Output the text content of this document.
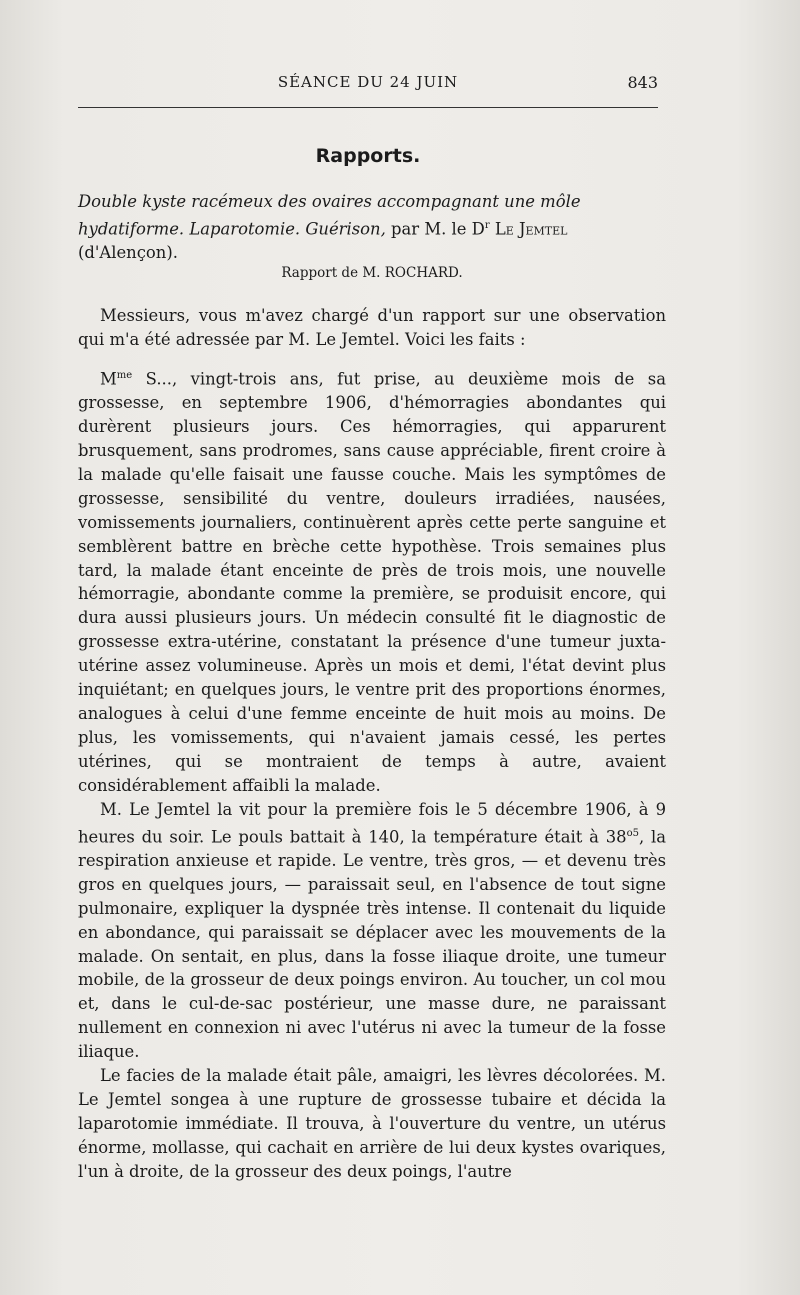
SÉANCE DU 24 JUIN	843
Rapports.
Double kyste racémeux des ovaires accompagnant une môle hydatiforme. Laparotomie. Guérison, par M. le $D^r$ Le Jemtel (d'Alençon).
Rapport de M. ROCHARD.

Messieurs, vous m'avez chargé d'un rapport sur une observation qui m'a été adressée par M. Le Jemtel. Voici les faits :

$M^{me}$ S..., vingt-trois ans, fut prise, au deuxième mois de sa grossesse, en septembre 1906, d'hémorragies abondantes qui durèrent plusieurs jours. Ces hémorragies, qui apparurent brusquement, sans prodromes, sans cause appréciable, firent croire à la malade qu'elle faisait une fausse couche. Mais les symptômes de grossesse, sensibilité du ventre, douleurs irradiées, nausées, vomissements journaliers, continuèrent après cette perte sanguine et semblèrent battre en brèche cette hypothèse. Trois semaines plus tard, la malade étant enceinte de près de trois mois, une nouvelle hémorragie, abondante comme la première, se produisit encore, qui dura aussi plusieurs jours. Un médecin consulté fit le diagnostic de grossesse extra-utérine, constatant la présence d'une tumeur juxta-utérine assez volumineuse. Après un mois et demi, l'état devint plus inquiétant; en quelques jours, le ventre prit des proportions énormes, analogues à celui d'une femme enceinte de huit mois au moins. De plus, les vomissements, qui n'avaient jamais cessé, les pertes utérines, qui se montraient de temps à autre, avaient considérablement affaibli la malade.

M. Le Jemtel la vit pour la première fois le 5 décembre 1906, à 9 heures du soir. Le pouls battait à 140, la température était à $38^{o5}$, la respiration anxieuse et rapide. Le ventre, très gros, — et devenu très gros en quelques jours, — paraissait seul, en l'absence de tout signe pulmonaire, expliquer la dyspnée très intense. Il contenait du liquide en abondance, qui paraissait se déplacer avec les mouvements de la malade. On sentait, en plus, dans la fosse iliaque droite, une tumeur mobile, de la grosseur de deux poings environ. Au toucher, un col mou et, dans le cul-de-sac postérieur, une masse dure, ne paraissant nullement en connexion ni avec l'utérus ni avec la tumeur de la fosse iliaque.

Le facies de la malade était pâle, amaigri, les lèvres décolorées. M. Le Jemtel songea à une rupture de grossesse tubaire et décida la laparotomie immédiate. Il trouva, à l'ouverture du ventre, un utérus énorme, mollasse, qui cachait en arrière de lui deux kystes ovariques, l'un à droite, de la grosseur des deux poings, l'autre
